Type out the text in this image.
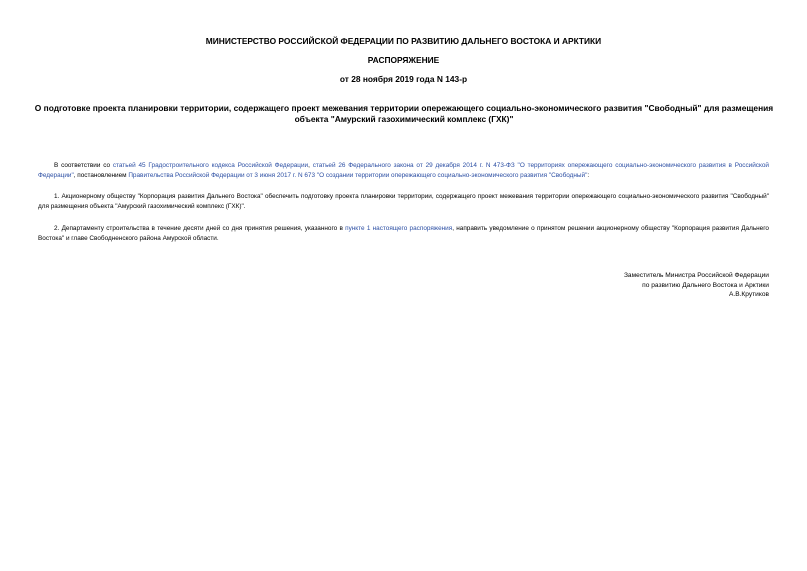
МИНИСТЕРСТВО РОССИЙСКОЙ ФЕДЕРАЦИИ ПО РАЗВИТИЮ ДАЛЬНЕГО ВОСТОКА И АРКТИКИ
РАСПОРЯЖЕНИЕ
от 28 ноября 2019 года N 143-р
О подготовке проекта планировки территории, содержащего проект межевания территории опережающего социально-экономического развития "Свободный" для размещения объекта "Амурский газохимический комплекс (ГХК)"

В соответствии со статьей 45 Градостроительного кодекса Российской Федерации, статьей 26 Федерального закона от 29 декабря 2014 г. N 473-ФЗ "О территориях опережающего социально-экономического развития в Российской Федерации", постановлением Правительства Российской Федерации от 3 июня 2017 г. N 673 "О создании территории опережающего социально-экономического развития "Свободный":

1. Акционерному обществу "Корпорация развития Дальнего Востока" обеспечить подготовку проекта планировки территории, содержащего проект межевания территории опережающего социально-экономического развития "Свободный" для размещения объекта "Амурский газохимический комплекс (ГХК)".

2. Департаменту строительства в течение десяти дней со дня принятия решения, указанного в пункте 1 настоящего распоряжения, направить уведомление о принятом решении акционерному обществу "Корпорация развития Дальнего Востока" и главе Свободненского района Амурской области.

Заместитель Министра Российской Федерации
по развитию Дальнего Востока и Арктики
А.В.Крутиков
